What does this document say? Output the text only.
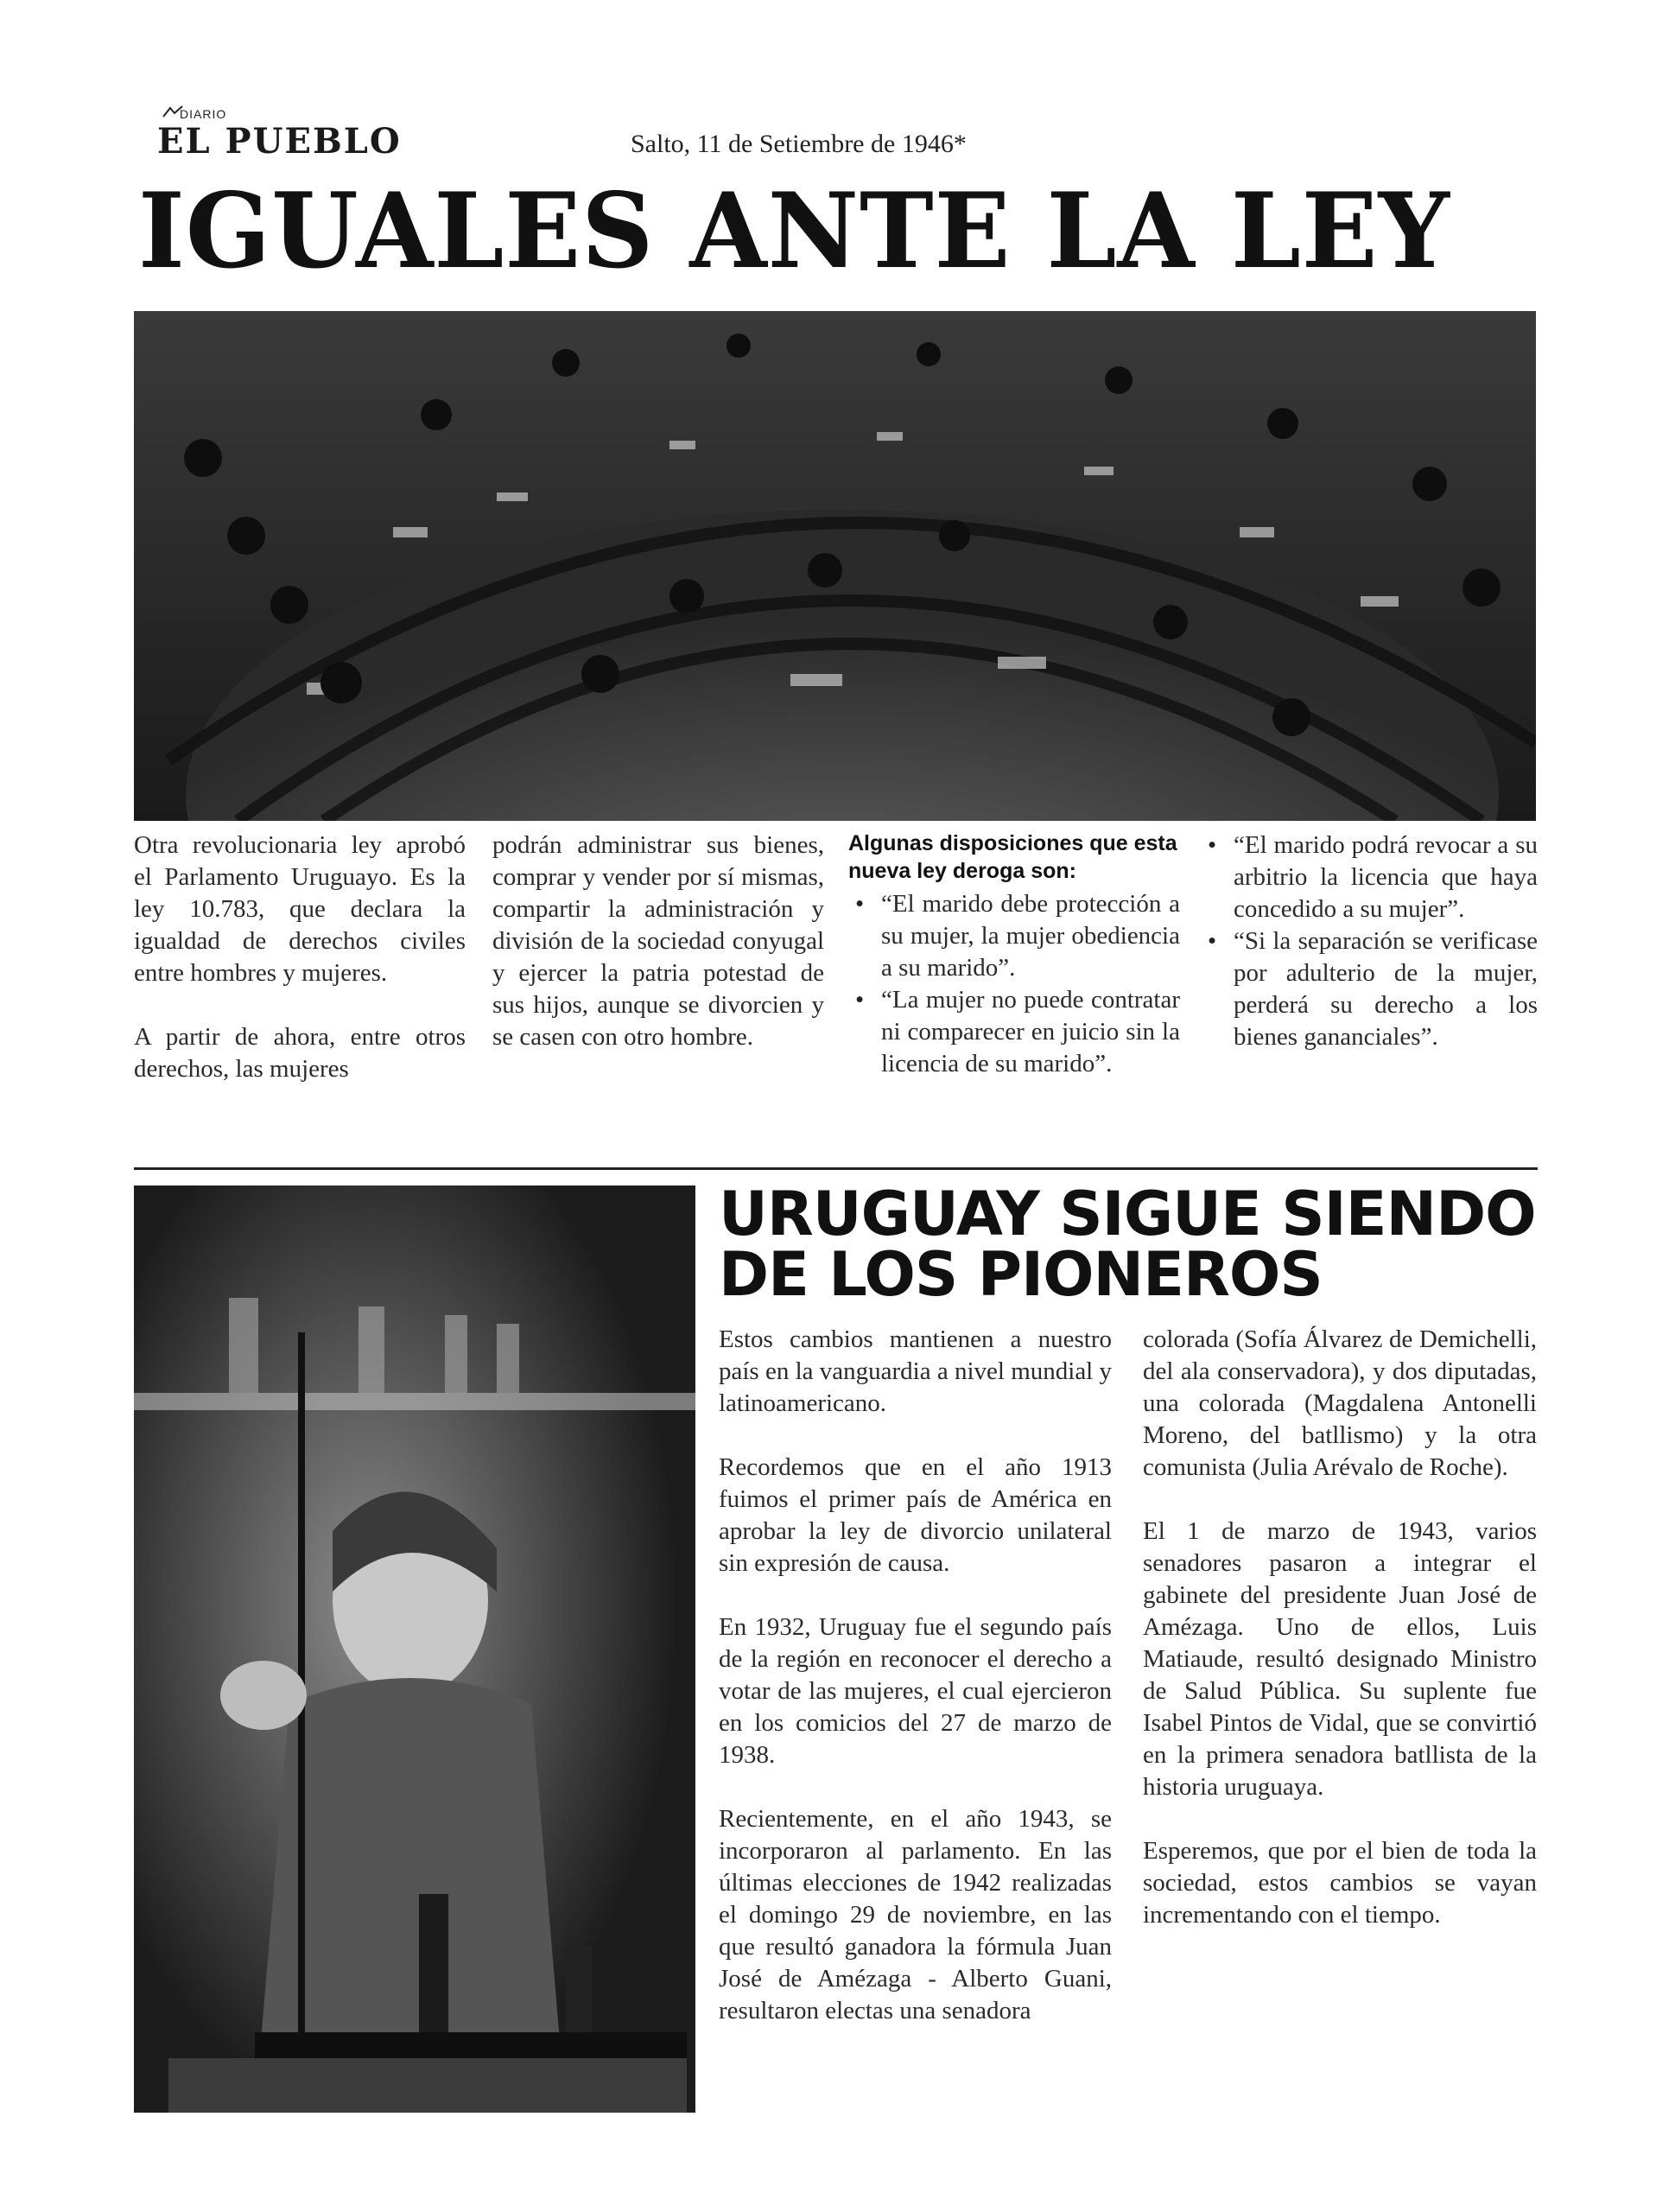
DIARIO
EL PUEBLO	Salto, 11 de Setiembre de 1946*
IGUALES ANTE LA LEY

Otra revolucionaria ley aprobó el Parlamento Uruguayo. Es la ley 10.783, que declara la igualdad de derechos civiles entre hombres y mujeres.

A partir de ahora, entre otros derechos, las mujeres

podrán administrar sus bienes, comprar y vender por sí mismas, compartir la administración y división de la sociedad conyugal y ejercer la patria potestad de sus hijos, aunque se divorcien y se casen con otro hombre.

Algunas disposiciones que esta nueva ley deroga son:
• “El marido debe protección a su mujer, la mujer obediencia a su marido”.
• “La mujer no puede contratar ni comparecer en juicio sin la licencia de su marido”.
• “El marido podrá revocar a su arbitrio la licencia que haya concedido a su mujer”.
• “Si la separación se verificase por adulterio de la mujer, perderá su derecho a los bienes gananciales”.
URUGUAY SIGUE SIENDO DE LOS PIONEROS

Estos cambios mantienen a nuestro país en la vanguardia a nivel mundial y latinoamericano.

Recordemos que en el año 1913 fuimos el primer país de América en aprobar la ley de divorcio unilateral sin expresión de causa.

En 1932, Uruguay fue el segundo país de la región en reconocer el derecho a votar de las mujeres, el cual ejercieron en los comicios del 27 de marzo de 1938.

Recientemente, en el año 1943, se incorporaron al parlamento. En las últimas elecciones de 1942 realizadas el domingo 29 de noviembre, en las que resultó ganadora la fórmula Juan José de Amézaga - Alberto Guani, resultaron electas una senadora

colorada (Sofía Álvarez de Demichelli, del ala conservadora), y dos diputadas, una colorada (Magdalena Antonelli Moreno, del batllismo) y la otra comunista (Julia Arévalo de Roche).

El 1 de marzo de 1943, varios senadores pasaron a integrar el gabinete del presidente Juan José de Amézaga. Uno de ellos, Luis Matiaude, resultó designado Ministro de Salud Pública. Su suplente fue Isabel Pintos de Vidal, que se convirtió en la primera senadora batllista de la historia uruguaya.

Esperemos, que por el bien de toda la sociedad, estos cambios se vayan incrementando con el tiempo.
